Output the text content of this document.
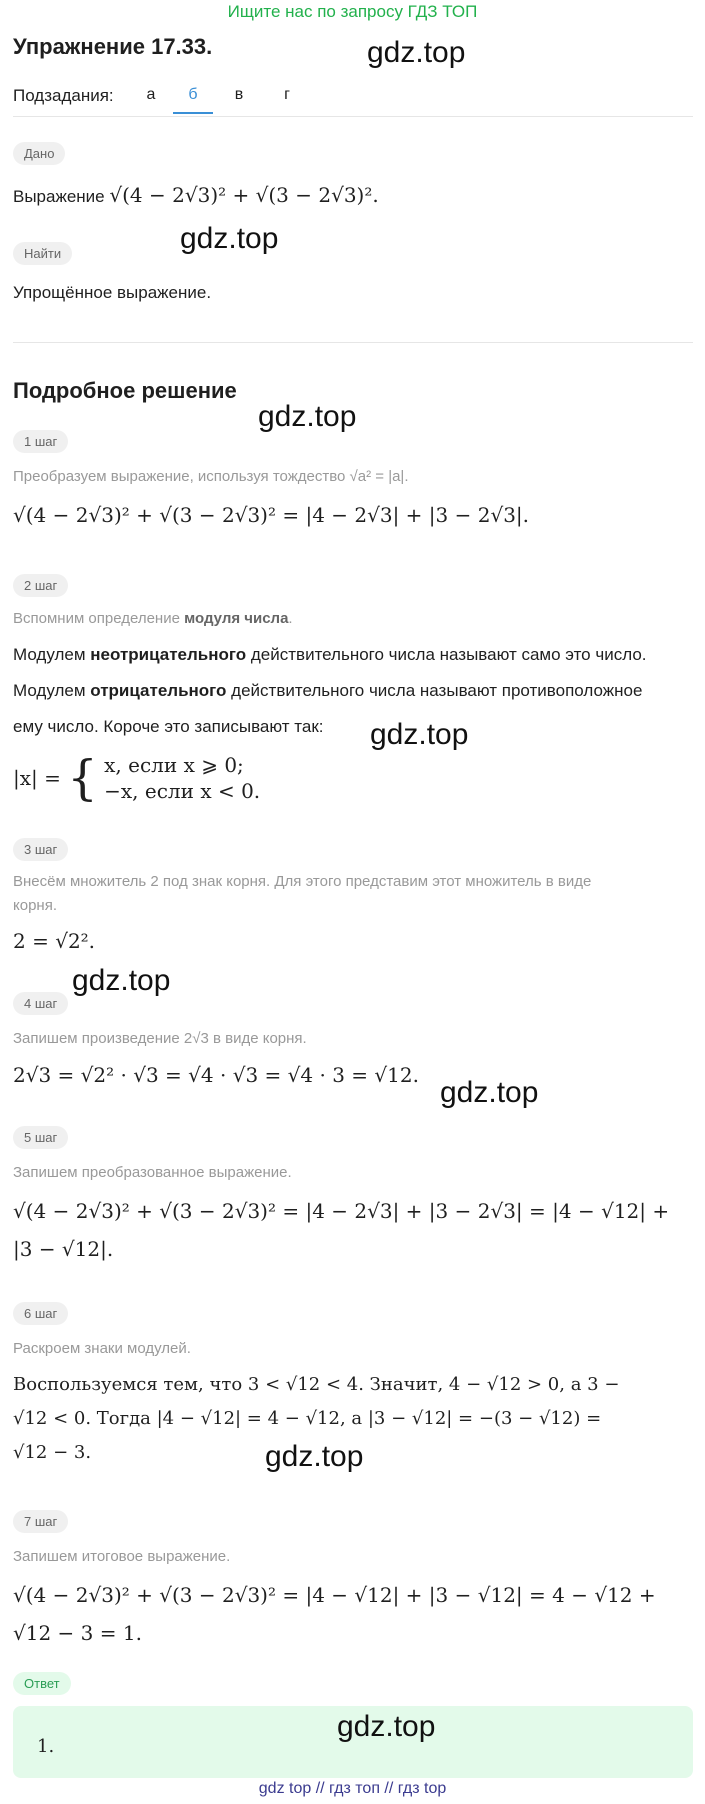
Ищите нас по запросу ГДЗ ТОП
Упражнение 17.33.	gdz.top
Подзадания:	а	б	в	г
Дано
Выражение √(4 − 2√3)² + √(3 − 2√3)².
Найти	gdz.top
Упрощённое выражение.
Подробное решение
gdz.top
1 шаг
Преобразуем выражение, используя тождество √a² = |a|.
√(4 − 2√3)² + √(3 − 2√3)² = |4 − 2√3| + |3 − 2√3|.
2 шаг
Вспомним определение модуля числа.
Модулем неотрицательного действительного числа называют само это число.
Модулем отрицательного действительного числа называют противоположное
ему число. Короче это записывают так: gdz.top
|x| = { x, если x ⩾ 0;
−x, если x < 0.
3 шаг
Внесём множитель 2 под знак корня. Для этого представим этот множитель в виде
корня.
2 = √2².
gdz.top
4 шаг
Запишем произведение 2√3 в виде корня.
2√3 = √2² · √3 = √4 · √3 = √4 · 3 = √12.
gdz.top
5 шаг
Запишем преобразованное выражение.
√(4 − 2√3)² + √(3 − 2√3)² = |4 − 2√3| + |3 − 2√3| = |4 − √12| +
|3 − √12|.
6 шаг
Раскроем знаки модулей.
Воспользуемся тем, что 3 < √12 < 4. Значит, 4 − √12 > 0, а 3 −
√12 < 0. Тогда |4 − √12| = 4 − √12, а |3 − √12| = −(3 − √12) =
√12 − 3.	gdz.top
7 шаг
Запишем итоговое выражение.
√(4 − 2√3)² + √(3 − 2√3)² = |4 − √12| + |3 − √12| = 4 − √12 +
√12 − 3 = 1.
Ответ
1.
gdz.top
gdz top // гдз топ // гдз top
